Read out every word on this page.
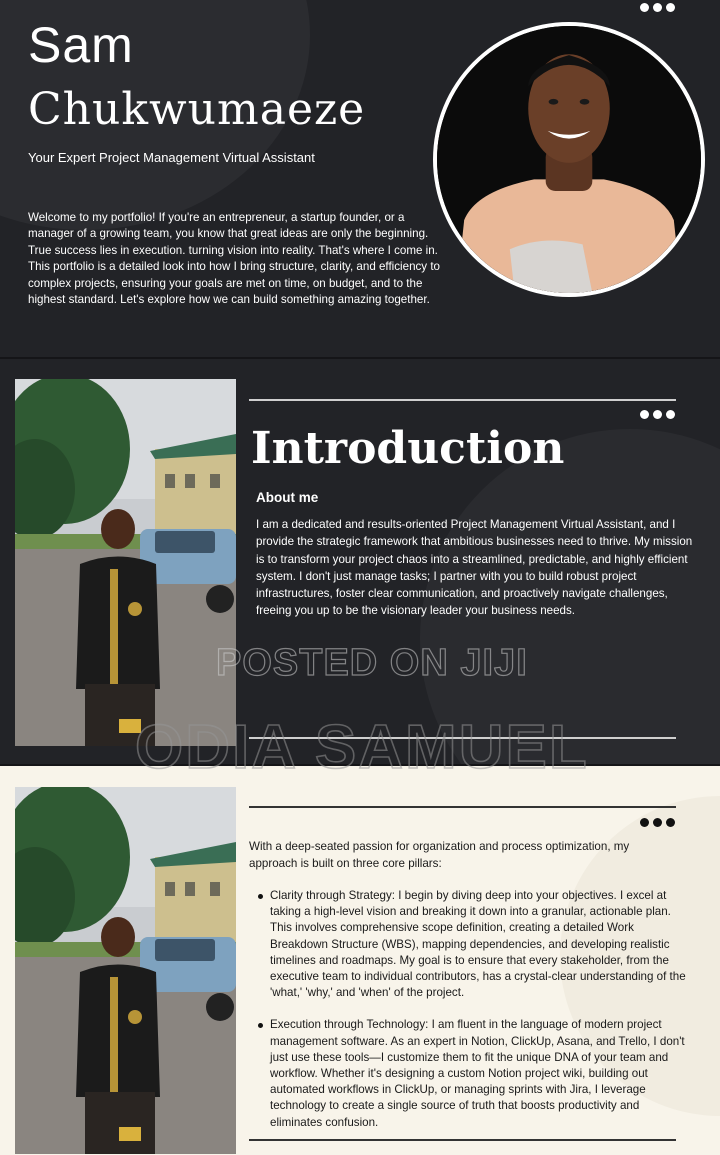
Sam
Chukwumaeze
Your Expert Project Management Virtual Assistant

Welcome to my portfolio! If you're an entrepreneur, a startup founder, or a manager of a growing team, you know that great ideas are only the beginning. True success lies in execution. turning vision into reality. That's where I come in. This portfolio is a detailed look into how I bring structure, clarity, and efficiency to complex projects, ensuring your goals are met on time, on budget, and to the highest standard. Let's explore how we can build something amazing together.

Introduction
About me

I am a dedicated and results-oriented Project Management Virtual Assistant, and I provide the strategic framework that ambitious businesses need to thrive. My mission is to transform your project chaos into a streamlined, predictable, and highly efficient system. I don't just manage tasks; I partner with you to build robust project infrastructures, foster clear communication, and proactively navigate challenges, freeing you up to be the visionary leader your business needs.

With a deep-seated passion for organization and process optimization, my approach is built on three core pillars:

Clarity through Strategy: I begin by diving deep into your objectives. I excel at taking a high-level vision and breaking it down into a granular, actionable plan. This involves comprehensive scope definition, creating a detailed Work Breakdown Structure (WBS), mapping dependencies, and developing realistic timelines and roadmaps. My goal is to ensure that every stakeholder, from the executive team to individual contributors, has a crystal-clear understanding of the 'what,' 'why,' and 'when' of the project.
Execution through Technology: I am fluent in the language of modern project management software. As an expert in Notion, ClickUp, Asana, and Trello, I don't just use these tools—I customize them to fit the unique DNA of your team and workflow. Whether it's designing a custom Notion project wiki, building out automated workflows in ClickUp, or managing sprints with Jira, I leverage technology to create a single source of truth that boosts productivity and eliminates confusion.
POSTED ON JIJI
ODIA SAMUEL
